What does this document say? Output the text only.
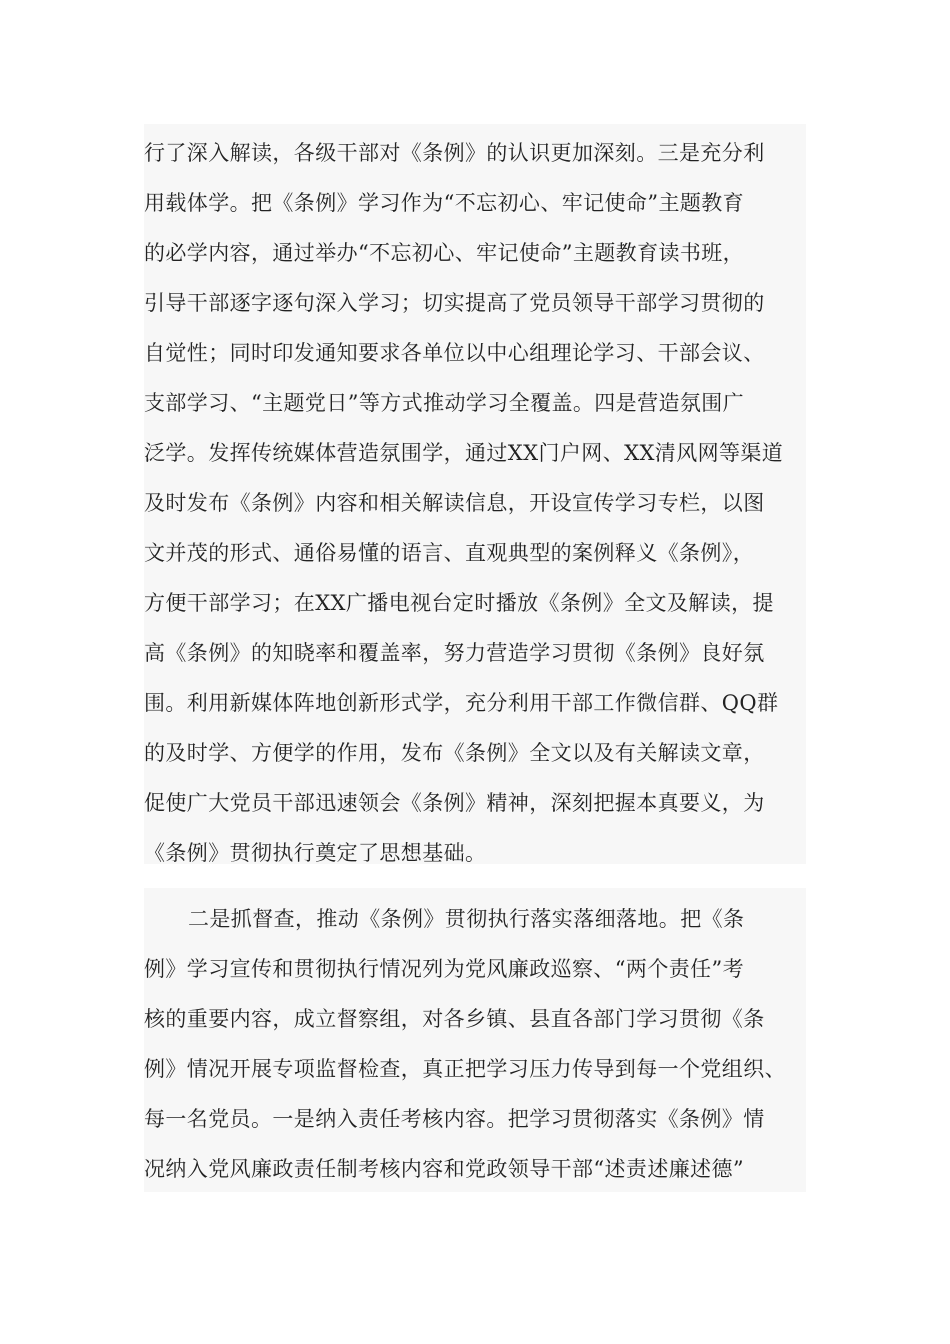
行了深入解读，各级干部对《条例》的认识更加深刻。三是充分利
用载体学。把《条例》学习作为“不忘初心、牢记使命”主题教育
的必学内容，通过举办“不忘初心、牢记使命”主题教育读书班，
引导干部逐字逐句深入学习；切实提高了党员领导干部学习贯彻的
自觉性；同时印发通知要求各单位以中心组理论学习、干部会议、
支部学习、“主题党日”等方式推动学习全覆盖。四是营造氛围广
泛学。发挥传统媒体营造氛围学，通过XX门户网、XX清风网等渠道
及时发布《条例》内容和相关解读信息，开设宣传学习专栏，以图
文并茂的形式、通俗易懂的语言、直观典型的案例释义《条例》，
方便干部学习；在XX广播电视台定时播放《条例》全文及解读，提
高《条例》的知晓率和覆盖率，努力营造学习贯彻《条例》良好氛
围。利用新媒体阵地创新形式学，充分利用干部工作微信群、QQ群
的及时学、方便学的作用，发布《条例》全文以及有关解读文章，
促使广大党员干部迅速领会《条例》精神，深刻把握本真要义，为
《条例》贯彻执行奠定了思想基础。
二是抓督查，推动《条例》贯彻执行落实落细落地。把《条
例》学习宣传和贯彻执行情况列为党风廉政巡察、“两个责任”考
核的重要内容，成立督察组，对各乡镇、县直各部门学习贯彻《条
例》情况开展专项监督检查，真正把学习压力传导到每一个党组织、
每一名党员。一是纳入责任考核内容。把学习贯彻落实《条例》情
况纳入党风廉政责任制考核内容和党政领导干部“述责述廉述德”
